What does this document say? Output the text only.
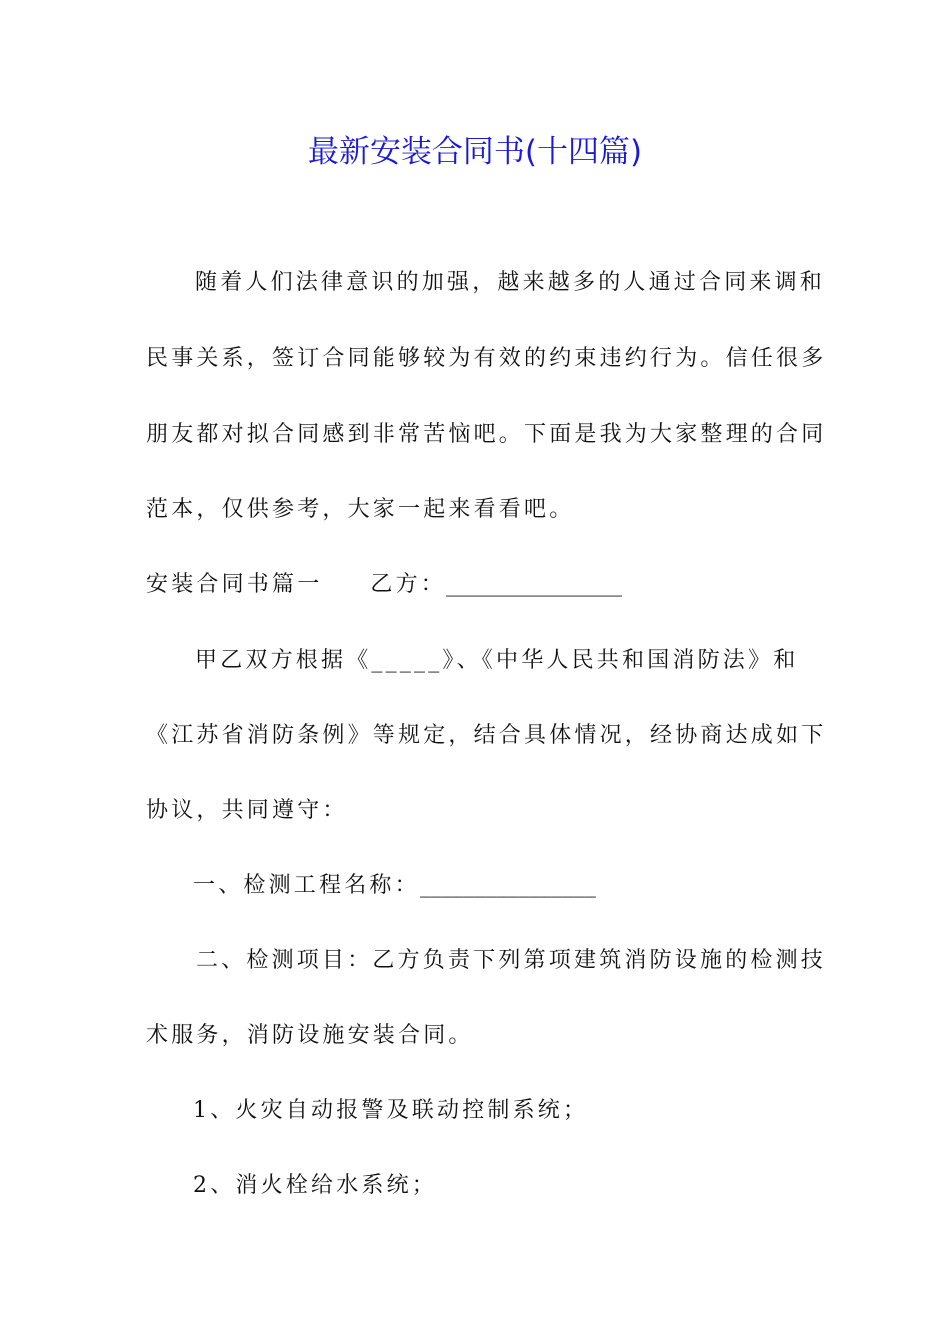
最新安装合同书(十四篇)
随着人们法律意识的加强，越来越多的人通过合同来调和
民事关系，签订合同能够较为有效的约束违约行为。信任很多
朋友都对拟合同感到非常苦恼吧。下面是我为大家整理的合同
范本，仅供参考，大家一起来看看吧。
安装合同书篇一 乙方：________________
甲乙双方根据《_____》、《中华人民共和国消防法》和
《江苏省消防条例》等规定，结合具体情况，经协商达成如下
协议，共同遵守：
一、检测工程名称：________________
二、检测项目：乙方负责下列第项建筑消防设施的检测技
术服务，消防设施安装合同。
1、火灾自动报警及联动控制系统；
2、消火栓给水系统；
